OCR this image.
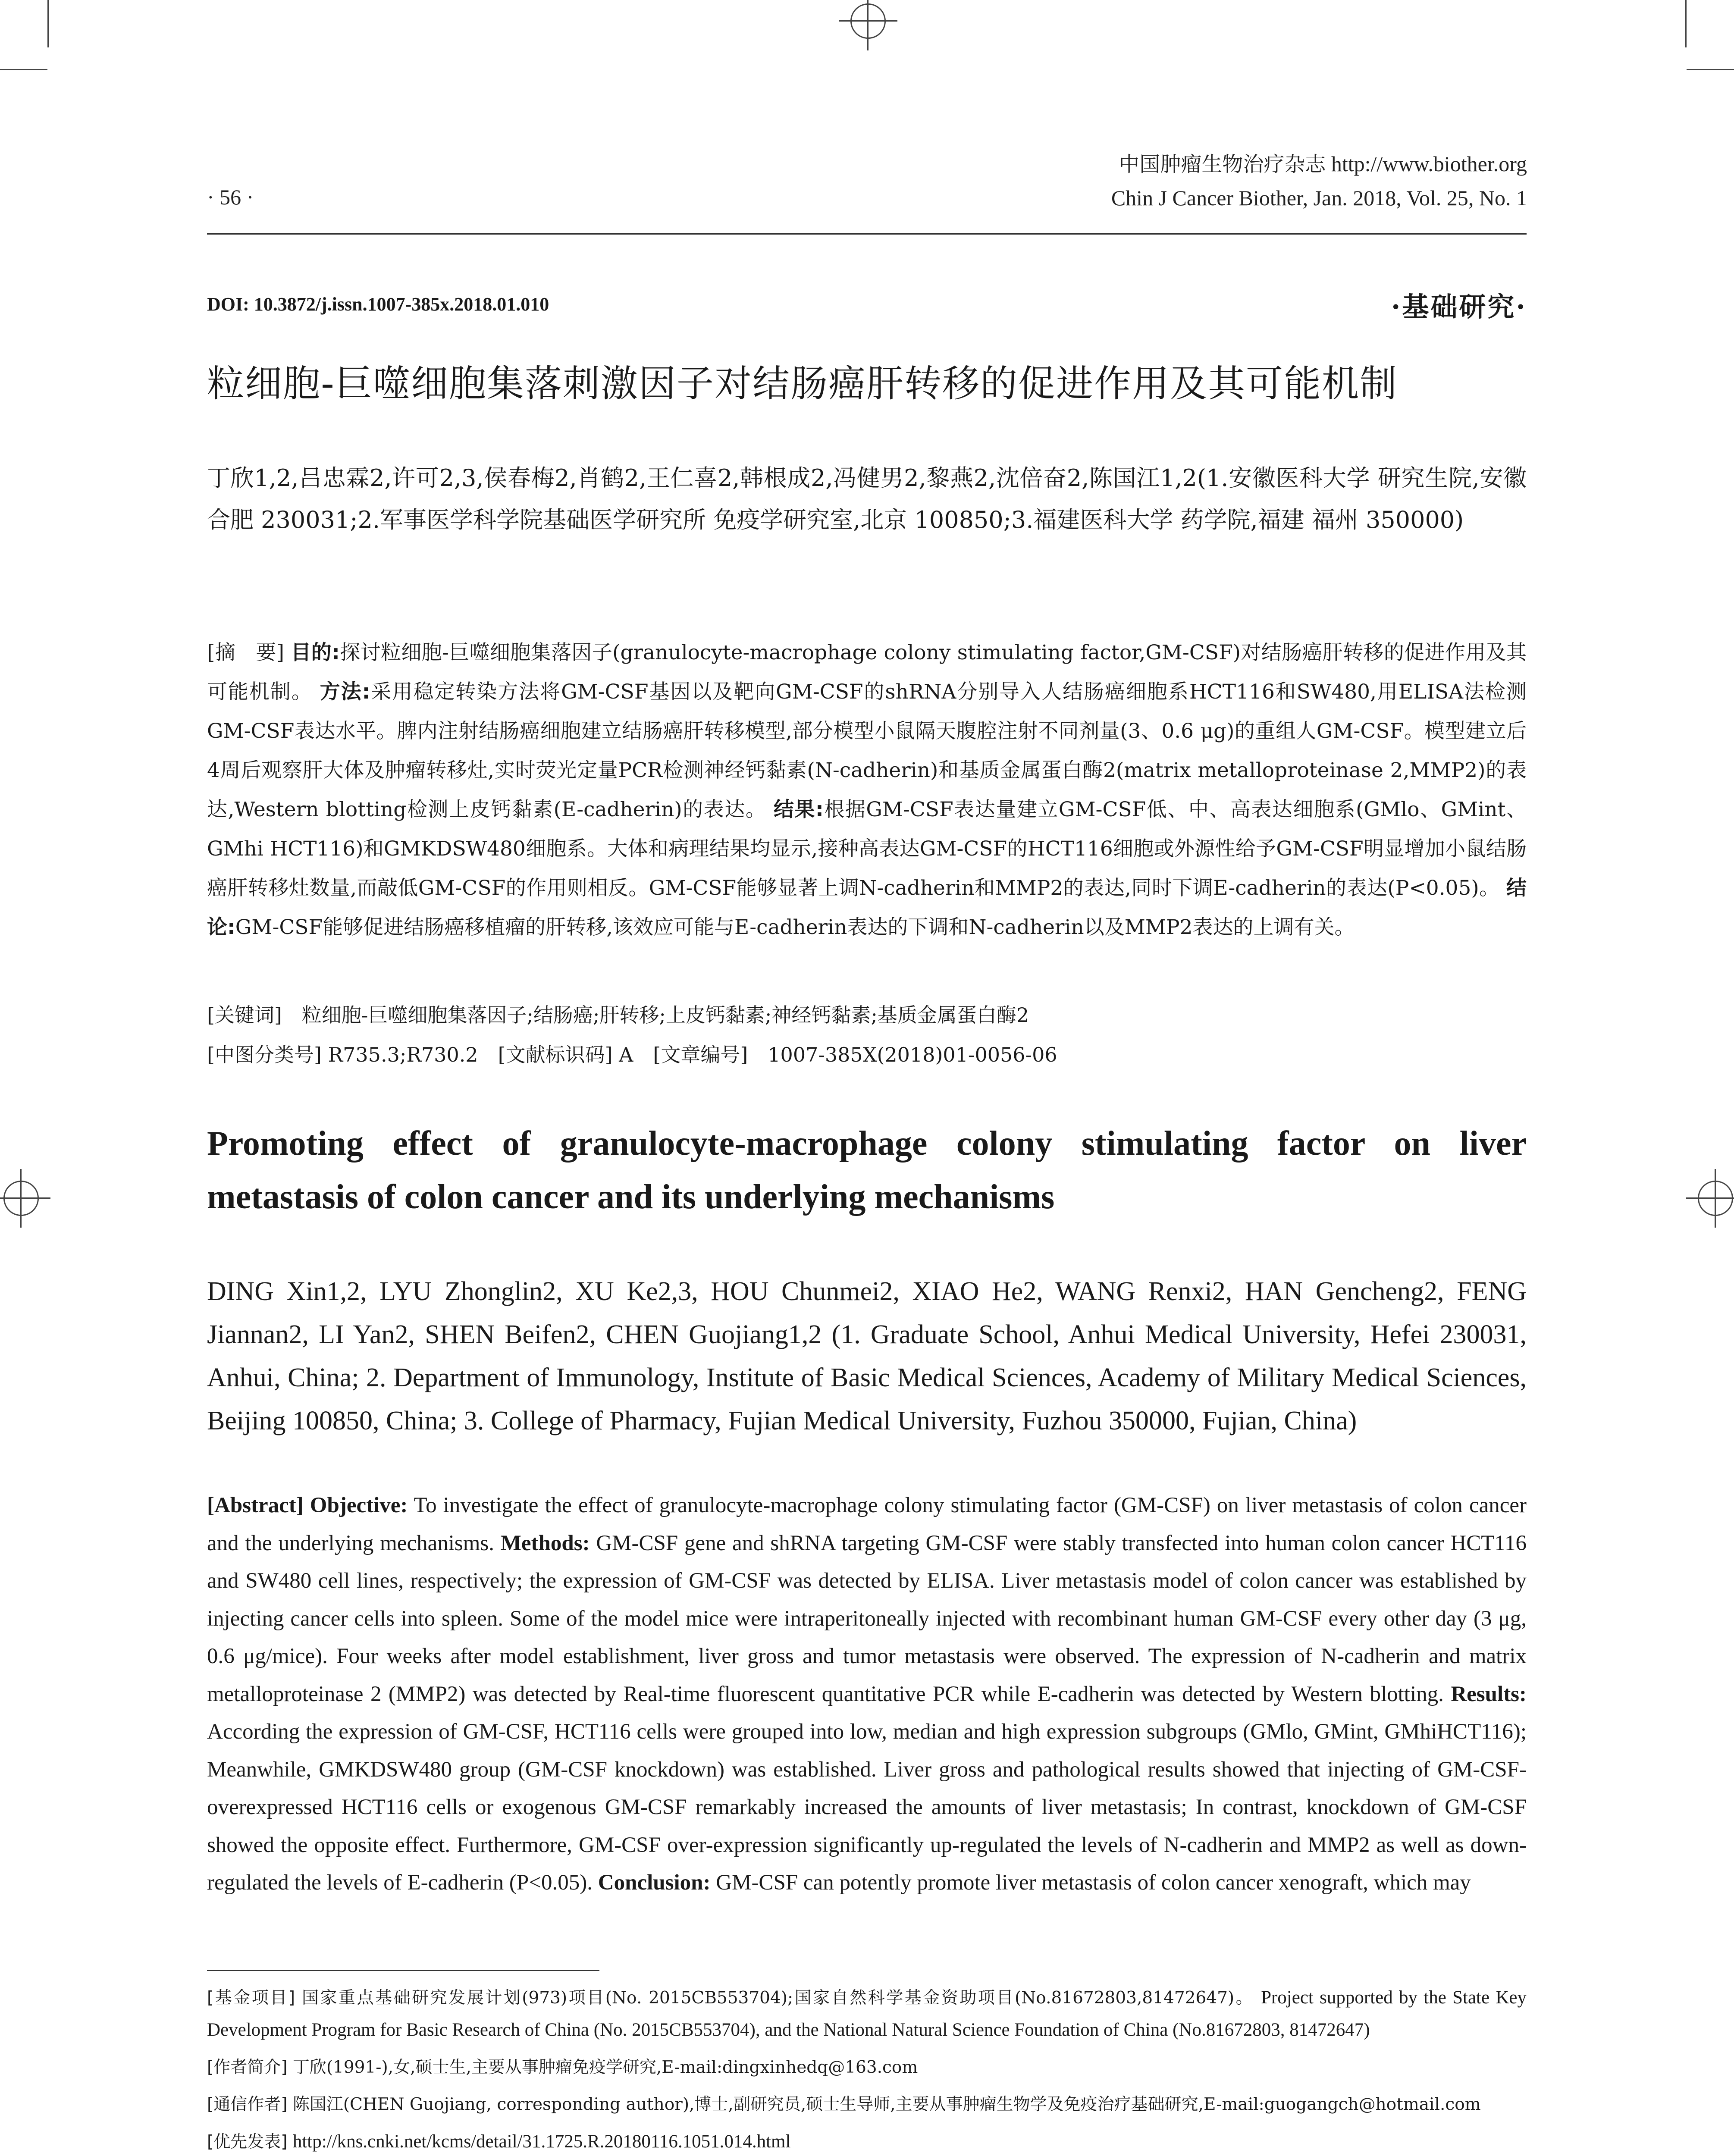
· 56 ·
中国肿瘤生物治疗杂志 http://www.biother.org
Chin J Cancer Biother, Jan. 2018, Vol. 25, No. 1
DOI: 10.3872/j.issn.1007-385x.2018.01.010	·基础研究·
粒细胞-巨噬细胞集落刺激因子对结肠癌肝转移的促进作用及其可能机制
丁欣1,2,吕忠霖2,许可2,3,侯春梅2,肖鹤2,王仁喜2,韩根成2,冯健男2,黎燕2,沈倍奋2,陈国江1,2(1.安徽医科大学 研究生院,安徽 合肥 230031;2.军事医学科学院基础医学研究所 免疫学研究室,北京 100850;3.福建医科大学 药学院,福建 福州 350000)
[摘　要] 目的:探讨粒细胞-巨噬细胞集落因子(granulocyte-macrophage colony stimulating factor,GM-CSF)对结肠癌肝转移的促进作用及其可能机制。 方法:采用稳定转染方法将GM-CSF基因以及靶向GM-CSF的shRNA分别导入人结肠癌细胞系HCT116和SW480,用ELISA法检测GM-CSF表达水平。脾内注射结肠癌细胞建立结肠癌肝转移模型,部分模型小鼠隔天腹腔注射不同剂量(3、0.6 μg)的重组人GM-CSF。模型建立后4周后观察肝大体及肿瘤转移灶,实时荧光定量PCR检测神经钙黏素(N-cadherin)和基质金属蛋白酶2(matrix metalloproteinase 2,MMP2)的表达,Western blotting检测上皮钙黏素(E-cadherin)的表达。 结果:根据GM-CSF表达量建立GM-CSF低、中、高表达细胞系(GMlo、GMint、GMhi HCT116)和GMKDSW480细胞系。大体和病理结果均显示,接种高表达GM-CSF的HCT116细胞或外源性给予GM-CSF明显增加小鼠结肠癌肝转移灶数量,而敲低GM-CSF的作用则相反。GM-CSF能够显著上调N-cadherin和MMP2的表达,同时下调E-cadherin的表达(P<0.05)。 结论:GM-CSF能够促进结肠癌移植瘤的肝转移,该效应可能与E-cadherin表达的下调和N-cadherin以及MMP2表达的上调有关。
[关键词]　粒细胞-巨噬细胞集落因子;结肠癌;肝转移;上皮钙黏素;神经钙黏素;基质金属蛋白酶2
[中图分类号] R735.3;R730.2　[文献标识码] A　[文章编号]　1007-385X(2018)01-0056-06
Promoting effect of granulocyte-macrophage colony stimulating factor on liver
metastasis of colon cancer and its underlying mechanisms
DING Xin1,2, LYU Zhonglin2, XU Ke2,3, HOU Chunmei2, XIAO He2, WANG Renxi2, HAN Gencheng2, FENG Jiannan2, LI Yan2, SHEN Beifen2, CHEN Guojiang1,2 (1. Graduate School, Anhui Medical University, Hefei 230031, Anhui, China; 2. Department of Immunology, Institute of Basic Medical Sciences, Academy of Military Medical Sciences, Beijing 100850, China; 3. College of Pharmacy, Fujian Medical University, Fuzhou 350000, Fujian, China)
[Abstract] Objective: To investigate the effect of granulocyte-macrophage colony stimulating factor (GM-CSF) on liver metastasis of colon cancer and the underlying mechanisms. Methods: GM-CSF gene and shRNA targeting GM-CSF were stably transfected into human colon cancer HCT116 and SW480 cell lines, respectively; the expression of GM-CSF was detected by ELISA. Liver metastasis model of colon cancer was established by injecting cancer cells into spleen. Some of the model mice were intraperitoneally injected with recombinant human GM-CSF every other day (3 μg, 0.6 μg/mice). Four weeks after model establishment, liver gross and tumor metastasis were observed. The expression of N-cadherin and matrix metalloproteinase 2 (MMP2) was detected by Real-time fluorescent quantitative PCR while E-cadherin was detected by Western blotting. Results: According the expression of GM-CSF, HCT116 cells were grouped into low, median and high expression subgroups (GMlo, GMint, GMhiHCT116); Meanwhile, GMKDSW480 group (GM-CSF knockdown) was established. Liver gross and pathological results showed that injecting of GM-CSF-overexpressed HCT116 cells or exogenous GM-CSF remarkably increased the amounts of liver metastasis; In contrast, knockdown of GM-CSF showed the opposite effect. Furthermore, GM-CSF over-expression significantly up-regulated the levels of N-cadherin and MMP2 as well as down-regulated the levels of E-cadherin (P<0.05). Conclusion: GM-CSF can potently promote liver metastasis of colon cancer xenograft, which may
[基金项目] 国家重点基础研究发展计划(973)项目(No. 2015CB553704);国家自然科学基金资助项目(No.81672803,81472647)。 Project supported by the State Key Development Program for Basic Research of China (No. 2015CB553704), and the National Natural Science Foundation of China (No.81672803, 81472647)
[作者简介] 丁欣(1991-),女,硕士生,主要从事肿瘤免疫学研究,E-mail:dingxinhedq@163.com
[通信作者] 陈国江(CHEN Guojiang, corresponding author),博士,副研究员,硕士生导师,主要从事肿瘤生物学及免疫治疗基础研究,E-mail:guogangch@hotmail.com
[优先发表] http://kns.cnki.net/kcms/detail/31.1725.R.20180116.1051.014.html
